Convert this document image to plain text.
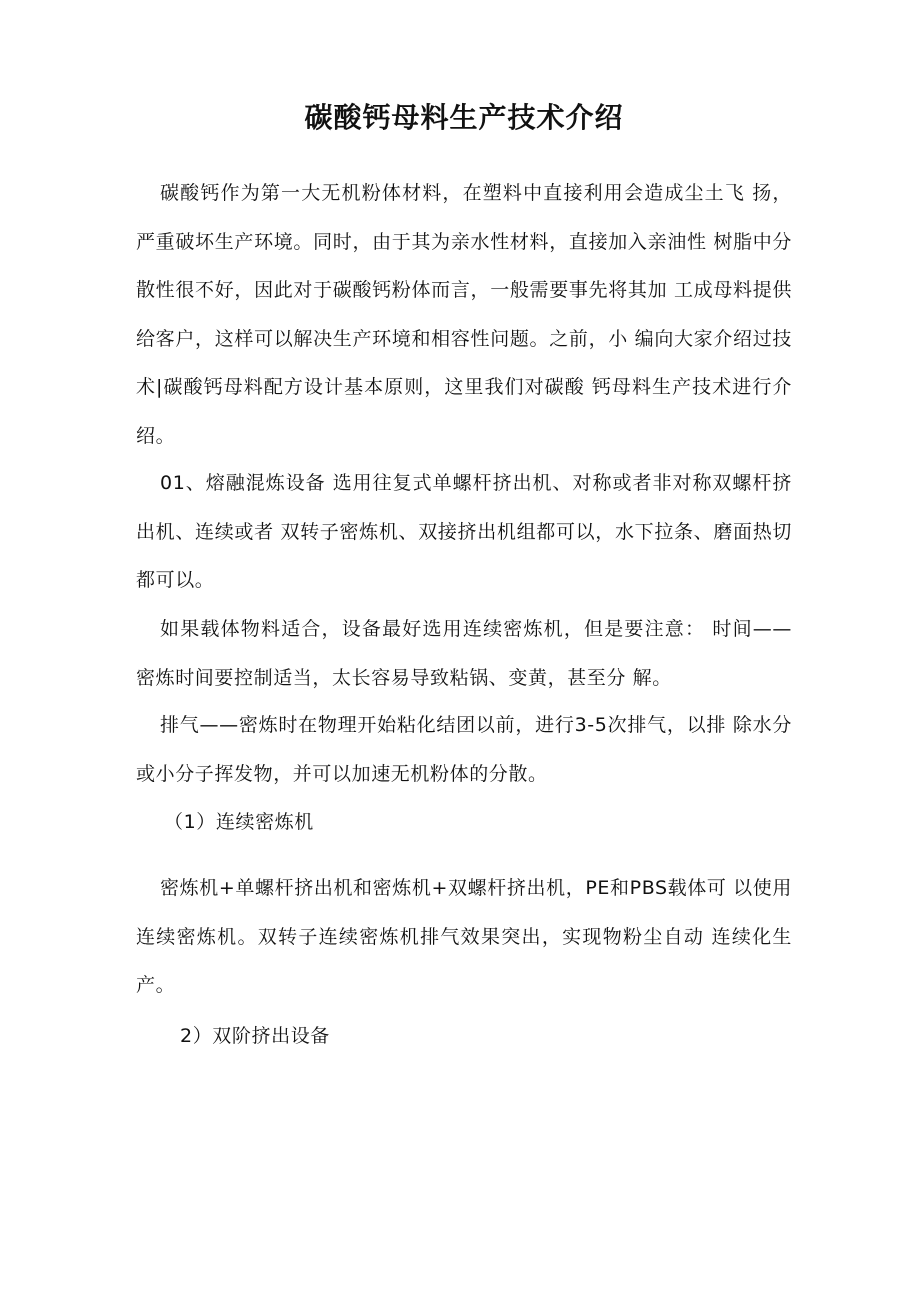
碳酸钙母料生产技术介绍

碳酸钙作为第一大无机粉体材料，在塑料中直接利用会造成尘土飞 扬，严重破坏生产环境。同时，由于其为亲水性材料，直接加入亲油性 树脂中分散性很不好，因此对于碳酸钙粉体而言，一般需要事先将其加 工成母料提供给客户，这样可以解决生产环境和相容性问题。之前，小 编向大家介绍过技术|碳酸钙母料配方设计基本原则，这里我们对碳酸 钙母料生产技术进行介绍。

01、熔融混炼设备 选用往复式单螺杆挤出机、对称或者非对称双螺杆挤出机、连续或者 双转子密炼机、双接挤出机组都可以，水下拉条、磨面热切都可以。

如果载体物料适合，设备最好选用连续密炼机，但是要注意： 时间——密炼时间要控制适当，太长容易导致粘锅、变黄，甚至分 解。

排气——密炼时在物理开始粘化结团以前，进行3-5次排气，以排 除水分或小分子挥发物，并可以加速无机粉体的分散。

（1）连续密炼机

密炼机+单螺杆挤出机和密炼机+双螺杆挤出机，PE和PBS载体可 以使用连续密炼机。双转子连续密炼机排气效果突出，实现物粉尘自动 连续化生产。

2）双阶挤出设备
